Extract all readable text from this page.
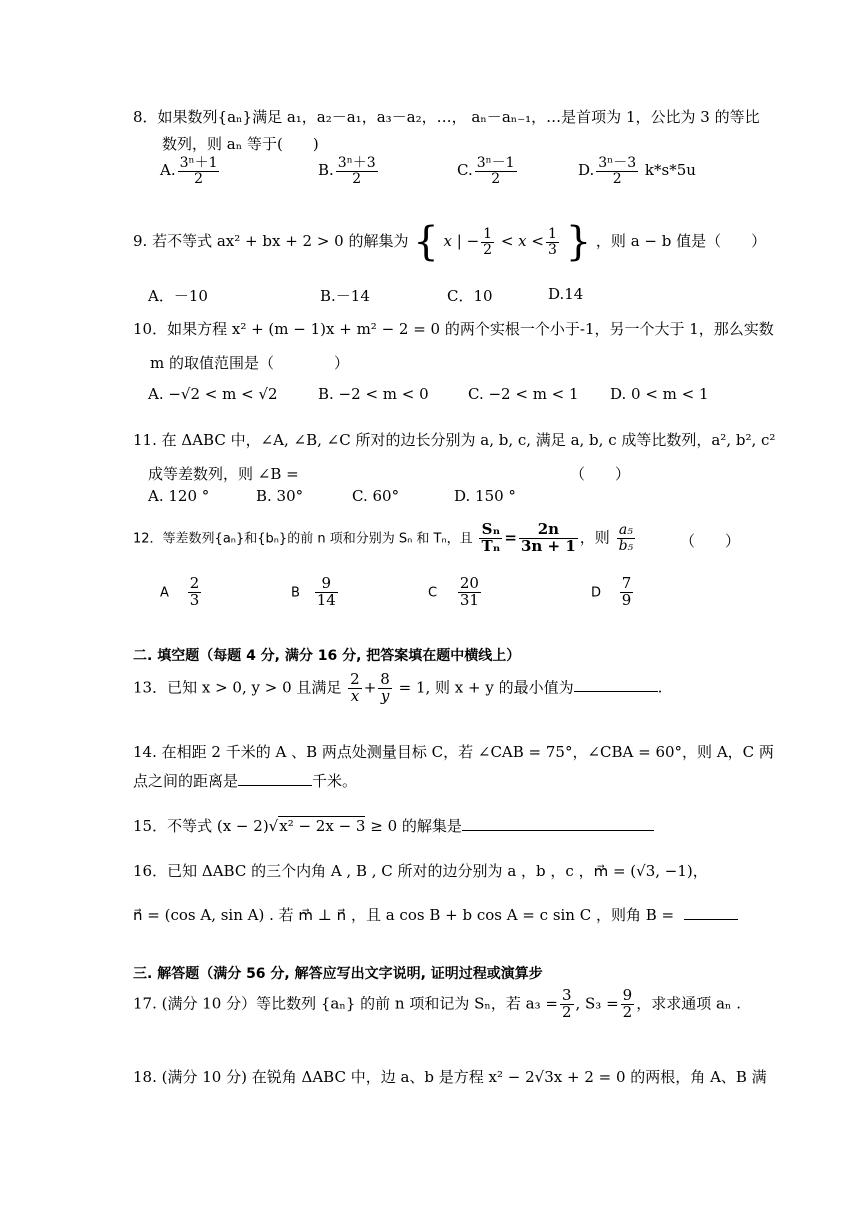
8．如果数列{aₙ}满足 a₁，a₂－a₁，a₃－a₂，…， aₙ－aₙ₋₁，…是首项为 1，公比为 3 的等比
数列，则 aₙ 等于(　　)
A. $\frac{\text{3ⁿ＋1}}{2}$	B. $\frac{\text{3ⁿ＋3}}{2}$	C. $\frac{\text{3ⁿ－1}}{2}$	D. $\frac{\text{3ⁿ－3}}{2} k*s*5u$
9. 若不等式 ax² + bx + 2 > 0 的解集为 { x | − $\frac{1}{2} < x < \frac{1}{3}$ } ，则 a − b 值是（　　）
A．－10	B.－14	C．10	D.14
10．如果方程 x² + (m − 1)x + m² − 2 = 0 的两个实根一个小于-1，另一个大于 1，那么实数
m 的取值范围是（　　　　）
A. −√2 < m < √2	B. −2 < m < 0	C. −2 < m < 1 D. 0 < m < 1
11. 在 ΔABC 中，∠A, ∠B, ∠C 所对的边长分别为 a, b, c, 满足 a, b, c 成等比数列，a², b², c²
成等差数列，则 ∠B =	（　　）
A. 120 °	B. 30°	C. 60°	D. 150 °
12．等差数列{aₙ}和{bₙ}的前 n 项和分别为 Sₙ 和 Tₙ，且 $\frac{\text{Sₙ}}{\text{Tₙ}} = \frac{2n}{3n + 1}$ ，则 $\frac{\text{a₅}}{\text{b₅}}$	（　　）
A $\frac{2}{3}$	B $\frac{9}{14}$	C $\frac{20}{31}$	D $\frac{7}{9}$
二. 填空题（每题 4 分, 满分 16 分, 把答案填在题中横线上）
13．已知 x > 0, y > 0 且满足 $\frac{2}{x} + \frac{8}{y} = 1$, 则 x + y 的最小值为	.
14. 在相距 2 千米的 A 、B 两点处测量目标 C，若 ∠CAB = 75°，∠CBA = 60°，则 A，C 两
点之间的距离是	千米。
15．不等式 (x − 2)√x² − 2x − 3 ≥ 0 的解集是
16．已知 ΔABC 的三个内角 A , B , C 所对的边分别为 a ，b ，c ，m⃗ = (√3, −1)，
n⃗ = (cos A, sin A) . 若 m⃗ ⊥ n⃗ ，且 a cos B + b cos A = c sin C ，则角 B =
三. 解答题（满分 56 分, 解答应写出文字说明, 证明过程或演算步
17. (满分 10 分）等比数列 {aₙ} 的前 n 项和记为 Sₙ，若 $a_3 = \frac{3}{2}$ , $S_3 = \frac{9}{2}$ ，求求通项 aₙ .
18. (满分 10 分) 在锐角 ΔABC 中，边 a、b 是方程 x² − 2√3x + 2 = 0 的两根，角 A、B 满
